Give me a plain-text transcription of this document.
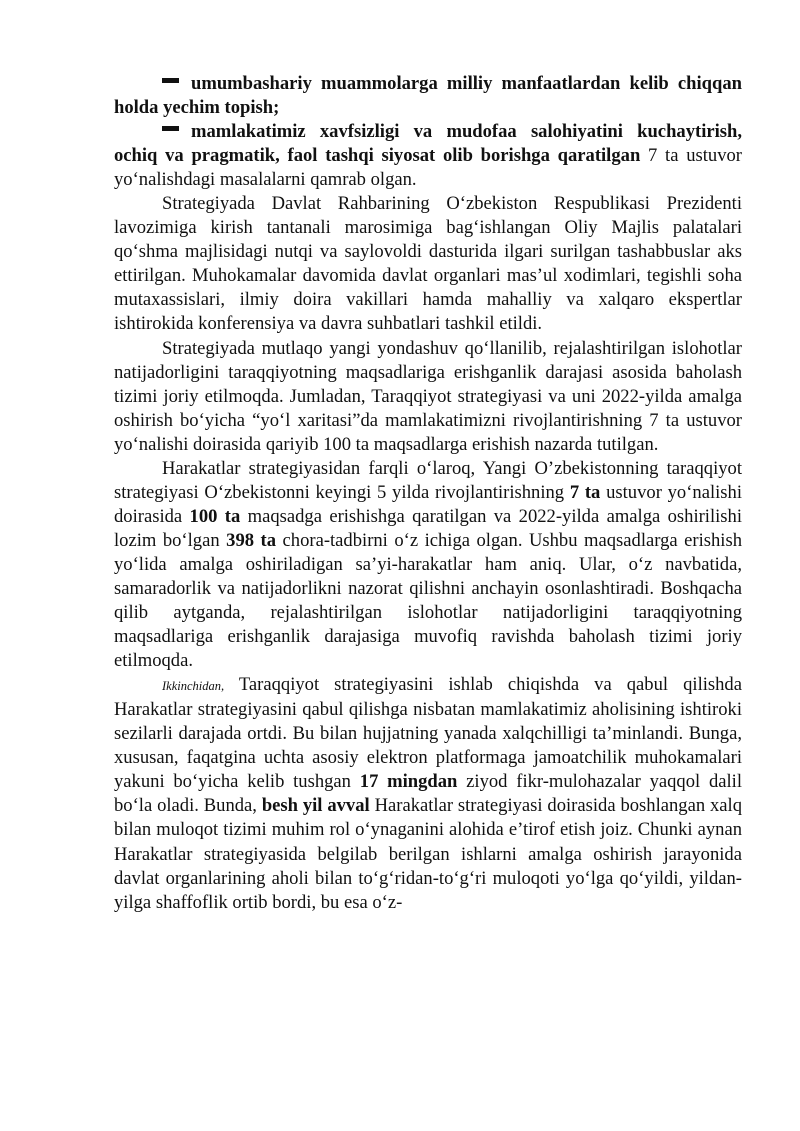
umumbashariy muammolarga milliy manfaatlardan kelib chiqqan holda yechim topish;

mamlakatimiz xavfsizligi va mudofaa salohiyatini kuchaytirish, ochiq va pragmatik, faol tashqi siyosat olib borishga qaratilgan 7 ta ustuvor yo‘nalishdagi masalalarni qamrab olgan.

Strategiyada Davlat Rahbarining O‘zbekiston Respublikasi Prezidenti lavozimiga kirish tantanali marosimiga bag‘ishlangan Oliy Majlis palatalari qo‘shma majlisidagi nutqi va saylovoldi dasturida ilgari surilgan tashabbuslar aks ettirilgan. Muhokamalar davomida davlat organlari mas’ul xodimlari, tegishli soha mutaxassislari, ilmiy doira vakillari hamda mahalliy va xalqaro ekspertlar ishtirokida konferensiya va davra suhbatlari tashkil etildi.

Strategiyada mutlaqo yangi yondashuv qo‘llanilib, rejalashtirilgan islohotlar natijadorligini taraqqiyotning maqsadlariga erishganlik darajasi asosida baholash tizimi joriy etilmoqda. Jumladan, Taraqqiyot strategiyasi va uni 2022-yilda amalga oshirish bo‘yicha “yo‘l xaritasi”da mamlakatimizni rivojlantirishning 7 ta ustuvor yo‘nalishi doirasida qariyib 100 ta maqsadlarga erishish nazarda tutilgan.

Harakatlar strategiyasidan farqli o‘laroq, Yangi O’zbekistonning taraqqiyot strategiyasi O‘zbekistonni keyingi 5 yilda rivojlantirishning 7 ta ustuvor yo‘nalishi doirasida 100 ta maqsadga erishishga qaratilgan va 2022-yilda amalga oshirilishi lozim bo‘lgan 398 ta chora-tadbirni o‘z ichiga olgan. Ushbu maqsadlarga erishish yo‘lida amalga oshiriladigan sa’yi-harakatlar ham aniq. Ular, o‘z navbatida, samaradorlik va natijadorlikni nazorat qilishni anchayin osonlashtiradi. Boshqacha qilib aytganda, rejalashtirilgan islohotlar natijadorligini taraqqiyotning maqsadlariga erishganlik darajasiga muvofiq ravishda baholash tizimi joriy etilmoqda.

Ikkinchidan, Taraqqiyot strategiyasini ishlab chiqishda va qabul qilishda Harakatlar strategiyasini qabul qilishga nisbatan mamlakatimiz aholisining ishtiroki sezilarli darajada ortdi. Bu bilan hujjatning yanada xalqchilligi ta’minlandi. Bunga, xususan, faqatgina uchta asosiy elektron platformaga jamoatchilik muhokamalari yakuni bo‘yicha kelib tushgan 17 mingdan ziyod fikr-mulohazalar yaqqol dalil bo‘la oladi. Bunda, besh yil avval Harakatlar strategiyasi doirasida boshlangan xalq bilan muloqot tizimi muhim rol o‘ynaganini alohida e’tirof etish joiz. Chunki aynan Harakatlar strategiyasida belgilab berilgan ishlarni amalga oshirish jarayonida davlat organlarining aholi bilan to‘g‘ridan-to‘g‘ri muloqoti yo‘lga qo‘yildi, yildan-yilga shaffoflik ortib bordi, bu esa o‘z-
